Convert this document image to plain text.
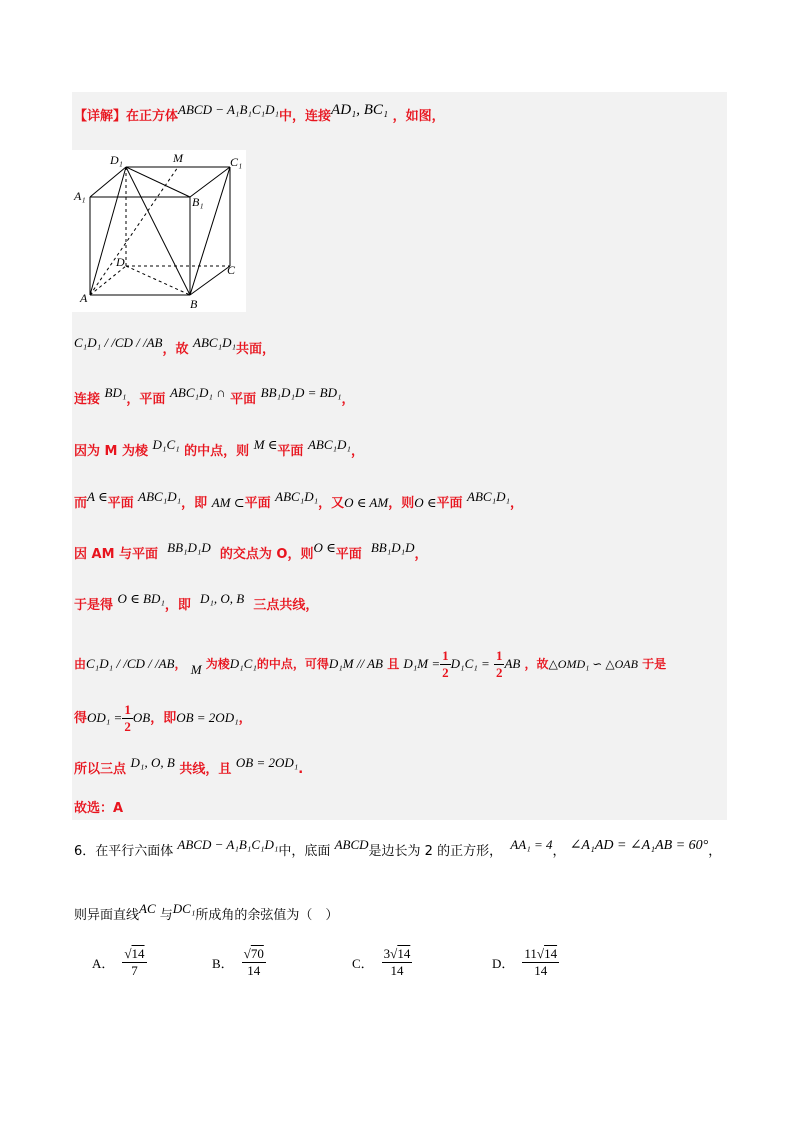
【详解】在正方体ABCD − A₁B₁C₁D₁中，连接AD₁, BC₁ ，如图，
D₁	M	C₁
A₁	B₁
D
C
A	B
C₁D₁ / /CD / /AB，故 ABC₁D₁共面，
连接 BD₁，平面 ABC₁D₁ ∩ 平面 BB₁D₁D = BD₁，
因为 M 为棱 D₁C₁ 的中点，则 M ∈平面 ABC₁D₁，
而A ∈平面 ABC₁D₁，即 AM ⊂平面 ABC₁D₁，又O ∈ AM，则O ∈平面 ABC₁D₁，
因 AM 与平面 BB₁D₁D 的交点为 O，则O ∈平面 BB₁D₁D，
于是得 O ∈ BD₁，即 D₁, O, B 三点共线，
由C₁D₁ / /CD / /AB， M 为棱D₁C₁的中点，可得D₁M // AB 且 $D_1M = \frac{1}{2} D_1C_1 = \frac{1}{2}$ AB ，故△OMD₁ ∽ △OAB 于是
得$OD_1 = \frac{1}{2}$ OB，即OB = 2OD₁，
所以三点 D₁, O, B 共线，且 OB = 2OD₁.
故选：A
6．在平行六面体 ABCD − A₁B₁C₁D₁中，底面 ABCD是边长为 2 的正方形， AA₁ = 4， ∠A₁AD = ∠A₁AB = 60°，
则异面直线AC 与DC₁所成角的余弦值为（　）
A． $\frac{√14}{7}$	B． $\frac{√70}{14}$	C． $\frac{3√14}{14}$	D． $\frac{11√14}{14}$
